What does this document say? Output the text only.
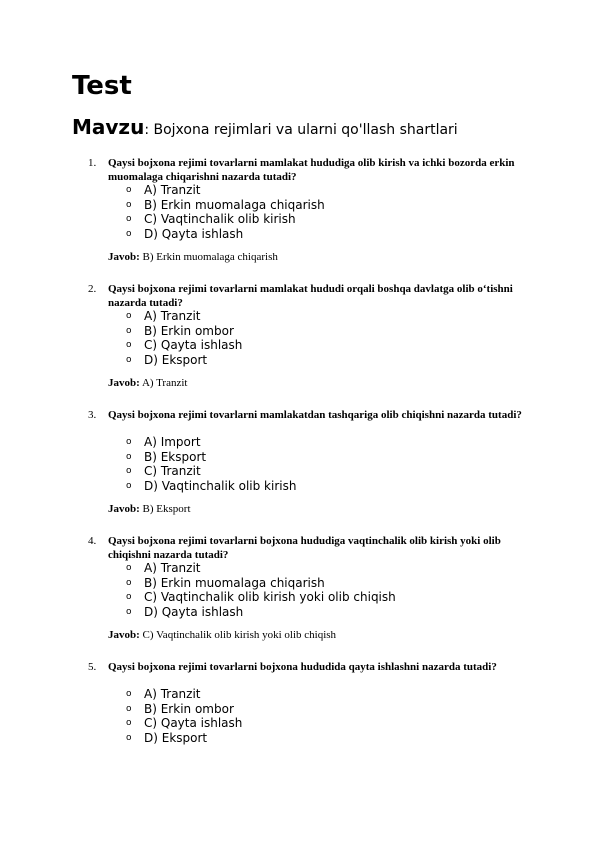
Test
Mavzu: Bojxona rejimlari va ularni qo'llash shartlari
1. Qaysi bojxona rejimi tovarlarni mamlakat hududiga olib kirish va ichki bozorda erkin muomalaga chiqarishni nazarda tutadi?
o A) Tranzit
o B) Erkin muomalaga chiqarish
o C) Vaqtinchalik olib kirish
o D) Qayta ishlash
Javob: B) Erkin muomalaga chiqarish
2. Qaysi bojxona rejimi tovarlarni mamlakat hududi orqali boshqa davlatga olib o‘tishni nazarda tutadi?
o A) Tranzit
o B) Erkin ombor
o C) Qayta ishlash
o D) Eksport
Javob: A) Tranzit
3. Qaysi bojxona rejimi tovarlarni mamlakatdan tashqariga olib chiqishni nazarda tutadi?
o A) Import
o B) Eksport
o C) Tranzit
o D) Vaqtinchalik olib kirish
Javob: B) Eksport
4. Qaysi bojxona rejimi tovarlarni bojxona hududiga vaqtinchalik olib kirish yoki olib chiqishni nazarda tutadi?
o A) Tranzit
o B) Erkin muomalaga chiqarish
o C) Vaqtinchalik olib kirish yoki olib chiqish
o D) Qayta ishlash
Javob: C) Vaqtinchalik olib kirish yoki olib chiqish
5. Qaysi bojxona rejimi tovarlarni bojxona hududida qayta ishlashni nazarda tutadi?
o A) Tranzit
o B) Erkin ombor
o C) Qayta ishlash
o D) Eksport
